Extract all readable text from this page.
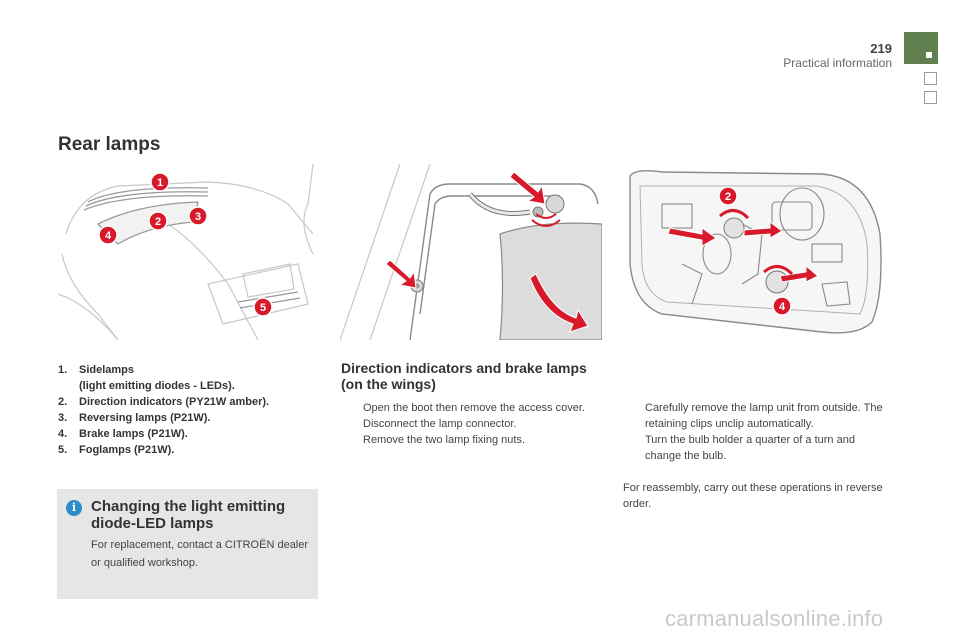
219
Practical information
Rear lamps
1
2	3
4
5
2
4
1.	Sidelamps
(light emitting diodes - LEDs).
2.	Direction indicators (PY21W amber).
3.	Reversing lamps (P21W).
4.	Brake lamps (P21W).
5.	Foglamps (P21W).
i Changing the light emitting diode-LED lamps
For replacement, contact a CITROËN dealer or qualified workshop.
Direction indicators and brake lamps (on the wings)
Open the boot then remove the access cover.
Disconnect the lamp connector.
Remove the two lamp fixing nuts.
Carefully remove the lamp unit from outside. The retaining clips unclip automatically.
Turn the bulb holder a quarter of a turn and change the bulb.

For reassembly, carry out these operations in reverse order.

carmanualsonline.info
